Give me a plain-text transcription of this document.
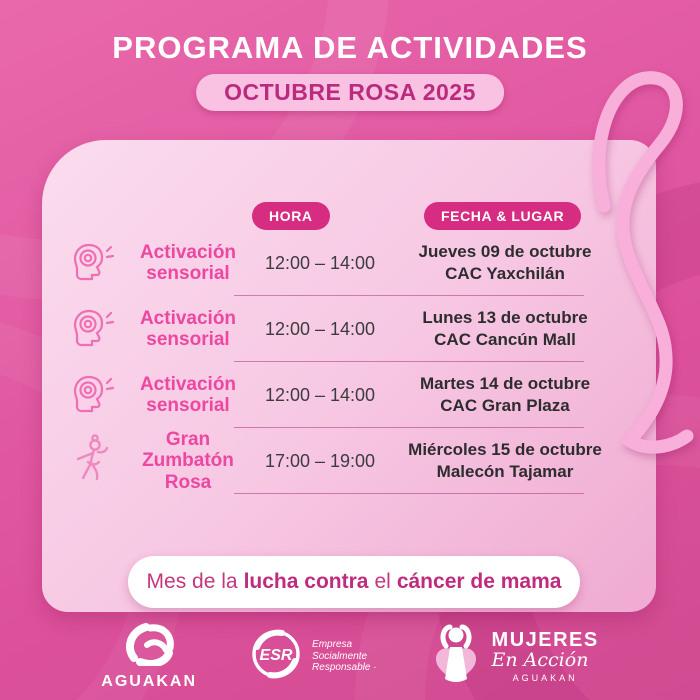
PROGRAMA DE ACTIVIDADES
OCTUBRE ROSA 2025
HORA	FECHA & LUGAR
Activación sensorial
12:00 – 14:00
Jueves 09 de octubre
CAC Yaxchilán
Activación sensorial
12:00 – 14:00
Lunes 13 de octubre
CAC Cancún Mall
Activación sensorial
12:00 – 14:00
Martes 14 de octubre
CAC Gran Plaza
Gran Zumbatón Rosa
17:00 – 19:00
Miércoles 15 de octubre
Malecón Tajamar
Mes de la lucha contra el cáncer de mama
AGUAKAN
ESR
Empresa
Socialmente
Responsable ·
MUJERES
En Acción
AGUAKAN
